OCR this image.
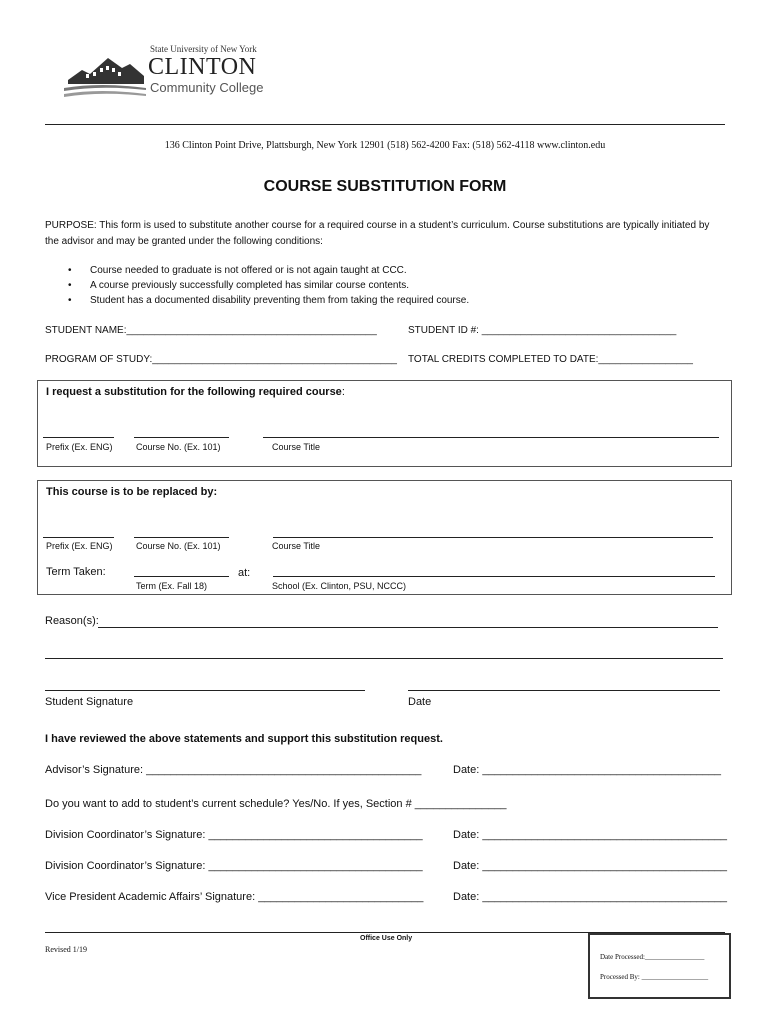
State University of New York
CLINTON
Community College
136 Clinton Point Drive, Plattsburgh, New York 12901 (518) 562-4200 Fax: (518) 562-4118 www.clinton.edu
COURSE SUBSTITUTION FORM
PURPOSE: This form is used to substitute another course for a required course in a student’s curriculum. Course substitutions are typically initiated by the advisor and may be granted under the following conditions:
• Course needed to graduate is not offered or is not again taught at CCC.
• A course previously successfully completed has similar course contents.
• Student has a documented disability preventing them from taking the required course.
STUDENT NAME:_____________________________________________	STUDENT ID #: ___________________________________
PROGRAM OF STUDY:____________________________________________ TOTAL CREDITS COMPLETED TO DATE:_________________
I request a substitution for the following required course:
Prefix (Ex. ENG)	Course No. (Ex. 101)	Course Title
This course is to be replaced by:
Prefix (Ex. ENG)	Course No. (Ex. 101)	Course Title
Term Taken:	at:
Term (Ex. Fall 18)	School (Ex. Clinton, PSU, NCCC)
Reason(s):
Student Signature	Date
I have reviewed the above statements and support this substitution request.
Advisor’s Signature: _____________________________________________	Date: _______________________________________
Do you want to add to student’s current schedule? Yes/No. If yes, Section # _______________
Division Coordinator’s Signature: ___________________________________	Date: ________________________________________
Division Coordinator’s Signature: ___________________________________	Date: ________________________________________
Vice President Academic Affairs’ Signature: ___________________________	Date: ________________________________________
Office Use Only
Revised 1/19
Date Processed:_________________
Processed By: ___________________
